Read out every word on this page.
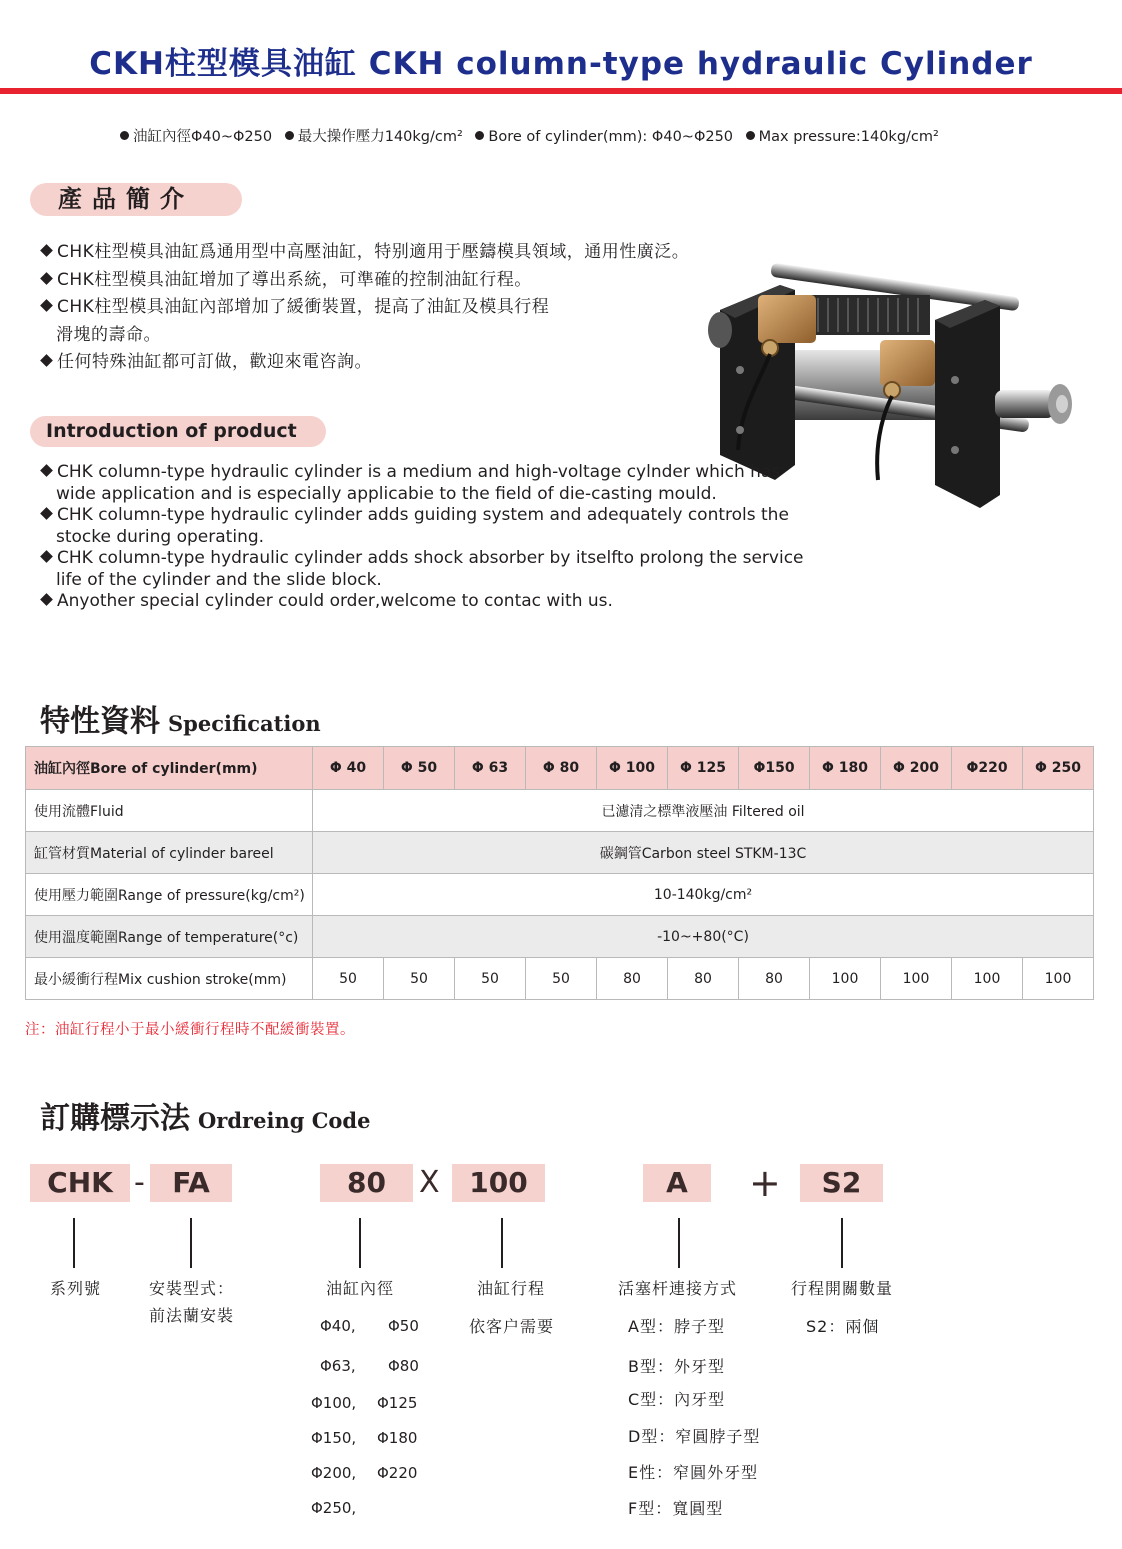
CKH柱型模具油缸 CKH column-type hydraulic Cylinder
油缸內徑Φ40~Φ250 最大操作壓力140kg/cm² Bore of cylinder(mm): Φ40~Φ250 Max pressure:140kg/cm²
產品簡介
CHK柱型模具油缸爲通用型中高壓油缸，特别適用于壓鑄模具領域，通用性廣泛。
CHK柱型模具油缸增加了導出系統，可準確的控制油缸行程。
CHK柱型模具油缸內部增加了緩衝裝置，提高了油缸及模具行程
滑塊的壽命。
任何特殊油缸都可訂做，歡迎來電咨詢。
Introduction of product
CHK column-type hydraulic cylinder is a medium and high-voltage cylnder which has
wide application and is especially applicabie to the field of die-casting mould.
CHK column-type hydraulic cylinder adds guiding system and adequately controls the
stocke during operating.
CHK column-type hydraulic cylinder adds shock absorber by itselfto prolong the service
life of the cylinder and the slide block.
Anyother special cylinder could order,welcome to contac with us.
特性資料 Specification
油缸內徑Bore of cylinder(mm)	Φ 40	Φ 50	Φ 63	Φ 80	Φ 100	Φ 125	Φ150	Φ 180	Φ 200	Φ220	Φ 250
使用流體Fluid	已濾清之標準液壓油 Filtered oil										
缸管材質Material of cylinder bareel	碳鋼管Carbon steel STKM-13C										
使用壓力範圍Range of pressure(kg/cm²)	10-140kg/cm²										
使用溫度範圍Range of temperature(°c)	-10~+80(°C)										
最小緩衝行程Mix cushion stroke(mm)	50	50	50	50	80	80	80	100	100	100	100
注：油缸行程小于最小緩衝行程時不配緩衝裝置。
訂購標示法 Ordreing Code
CHK - FA	80	X	100	A	+	S2
系列號	安裝型式：
前法蘭安裝
油缸內徑
Φ40, Φ50
Φ63, Φ80
Φ100, Φ125
Φ150, Φ180
Φ200, Φ220
Φ250,
油缸行程
依客户需要
活塞杆連接方式
A型：脖子型
B型：外牙型
C型：內牙型
D型：窄圓脖子型
E性：窄圓外牙型
F型：寬圓型
行程開關數量
S2：兩個
